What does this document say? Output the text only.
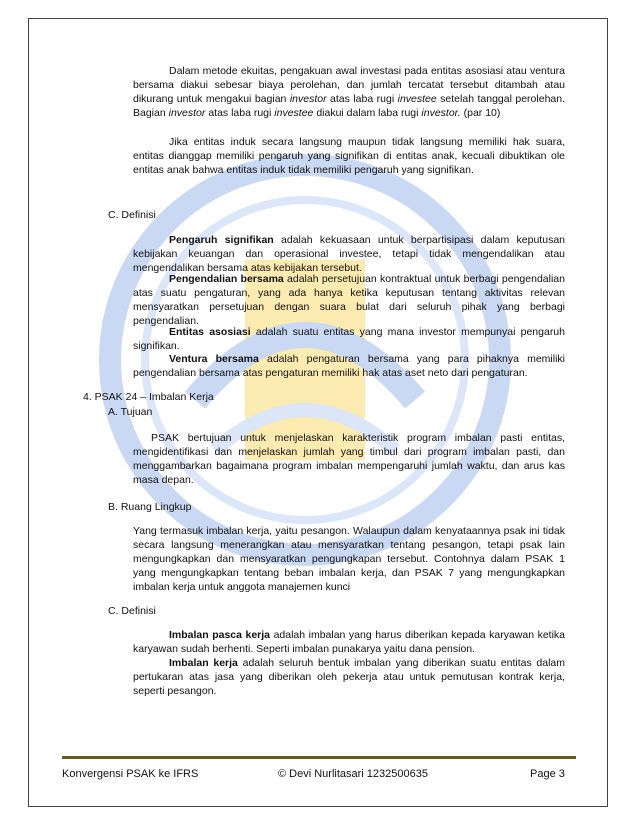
Dalam metode ekuitas, pengakuan awal investasi pada entitas asosiasi atau ventura bersama diakui sebesar biaya perolehan, dan jumlah tercatat tersebut ditambah atau dikurang untuk mengakui bagian investor atas laba rugi investee setelah tanggal perolehan. Bagian investor atas laba rugi investee diakui dalam laba rugi investor. (par 10)
Jika entitas induk secara langsung maupun tidak langsung memiliki hak suara, entitas dianggap memiliki pengaruh yang signifikan di entitas anak, kecuali dibuktikan ole entitas anak bahwa entitas induk tidak memiliki pengaruh yang signifikan.
C. Definisi
Pengaruh signifikan adalah kekuasaan untuk berpartisipasi dalam keputusan kebijakan keuangan dan operasional investee, tetapi tidak mengendalikan atau mengendalikan bersama atas kebijakan tersebut.
Pengendalian bersama adalah persetujuan kontraktual untuk berbagi pengendalian atas suatu pengaturan, yang ada hanya ketika keputusan tentang aktivitas relevan mensyaratkan persetujuan dengan suara bulat dari seluruh pihak yang berbagi pengendalian.
Entitas asosiasi adalah suatu entitas yang mana investor mempunyai pengaruh signifikan.
Ventura bersama adalah pengaturan bersama yang para pihaknya memiliki pengendalian bersama atas pengaturan memiliki hak atas aset neto dari pengaturan.
4. PSAK 24 – Imbalan Kerja
A. Tujuan
PSAK bertujuan untuk menjelaskan karakteristik program imbalan pasti entitas, mengidentifikasi dan menjelaskan jumlah yang timbul dari program imbalan pasti, dan menggambarkan bagaimana program imbalan mempengaruhi jumlah waktu, dan arus kas masa depan.
B. Ruang Lingkup
Yang termasuk imbalan kerja, yaitu pesangon. Walaupun dalam kenyataannya psak ini tidak secara langsung menerangkan atau mensyaratkan tentang pesangon, tetapi psak lain mengungkapkan dan mensyaratkan pengungkapan tersebut. Contohnya dalam PSAK 1 yang mengungkapkan tentang beban imbalan kerja, dan PSAK 7 yang mengungkapkan imbalan kerja untuk anggota manajemen kunci
C. Definisi
Imbalan pasca kerja adalah imbalan yang harus diberikan kepada karyawan ketika karyawan sudah berhenti. Seperti imbalan punakarya yaitu dana pension.
Imbalan kerja adalah seluruh bentuk imbalan yang diberikan suatu entitas dalam pertukaran atas jasa yang diberikan oleh pekerja atau untuk pemutusan kontrak kerja, seperti pesangon.
Konvergensi PSAK ke IFRS	© Devi Nurlitasari 1232500635	Page 3
